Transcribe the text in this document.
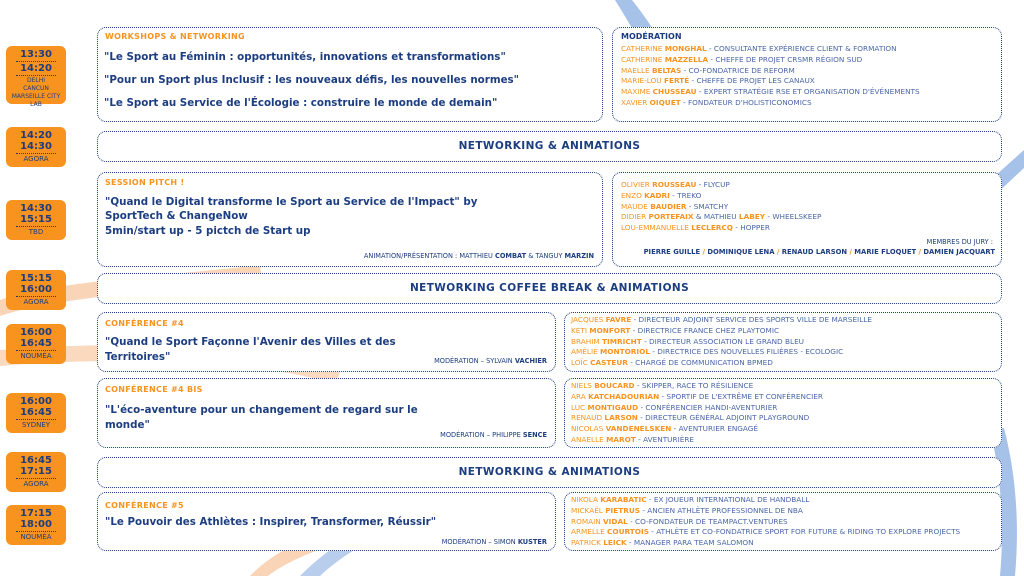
13:30
14:20
DELHI
CANCUN
MARSEILLE CITY LAB
14:20
14:30
AGORA
14:30
15:15
TBD
15:15
16:00
AGORA
16:00
16:45
NOUMÉA
16:00
16:45
SYDNEY
16:45
17:15
AGORA
17:15
18:00
NOUMÉA
WORKSHOPS & NETWORKING
"Le Sport au Féminin : opportunités, innovations et transformations"
"Pour un Sport plus Inclusif : les nouveaux défis, les nouvelles normes"
"Le Sport au Service de l'Écologie : construire le monde de demain"
MODÉRATION
CATHERINE MONGHAL - CONSULTANTE EXPÉRIENCE CLIENT & FORMATION
CATHERINE MAZZELLA - CHEFFE DE PROJET CRSMR RÉGION SUD
MAELLE BELTAS - CO-FONDATRICE DE REFORM
MARIE-LOU FERTÉ - CHEFFE DE PROJET LES CANAUX
MAXIME CHUSSEAU - EXPERT STRATÉGIE RSE ET ORGANISATION D'ÉVÉNEMENTS
XAVIER OIQUET - FONDATEUR D'HOLISTICONOMICS
NETWORKING & ANIMATIONS
SESSION PITCH !
"Quand le Digital transforme le Sport au Service de l'Impact" by
SportTech & ChangeNow
5min/start up - 5 pictch de Start up
ANIMATION/PRÉSENTATION : MATTHIEU COMBAT & TANGUY MARZIN
OLIVIER ROUSSEAU - FLYCUP
ENZO KADRI - TREKO
MAUDE BAUDIER - SMATCHY
DIDIER PORTEFAIX & MATHIEU LABEY - WHEELSKEEP
LOU-EMMANUELLE LECLERCQ - HOPPER
MEMBRES DU JURY :
PIERRE GUILLE / DOMINIQUE LENA / RENAUD LARSON / MARIE FLOQUET / DAMIEN JACQUART
NETWORKING COFFEE BREAK & ANIMATIONS
CONFÉRENCE #4
"Quand le Sport Façonne l'Avenir des Villes et des
Territoires"	MODÉRATION – SYLVAIN VACHIER
JACQUES FAVRE - DIRECTEUR ADJOINT SERVICE DES SPORTS VILLE DE MARSEILLE
KETI MONFORT - DIRECTRICE FRANCE CHEZ PLAYTOMIC
BRAHIM TIMRICHT - DIRECTEUR ASSOCIATION LE GRAND BLEU
AMÉLIE MONTORIOL - DIRECTRICE DES NOUVELLES FILIÈRES - ECOLOGIC
LOÏC CASTEUR - CHARGÉ DE COMMUNICATION BPMED
CONFÉRENCE #4 BIS
"L'éco-aventure pour un changement de regard sur le
monde"
MODÉRATION – PHILIPPE SENCE
NIELS BOUCARD - SKIPPER, RACE TO RÉSILIENCE
ARA KATCHADOURIAN - SPORTIF DE L'EXTRÊME ET CONFÉRENCIER
LUC MONTIGAUD - CONFÉRENCIER HANDI-AVENTURIER
RENAUD LARSON - DIRECTEUR GÉNÉRAL ADJOINT PLAYGROUND
NICOLAS VANDENELSKEN - AVENTURIER ENGAGÉ
ANAELLE MAROT - AVENTURIÈRE
NETWORKING & ANIMATIONS
CONFÉRENCE #5
"Le Pouvoir des Athlètes : Inspirer, Transformer, Réussir"
MODÉRATION – SIMON KUSTER
NIKOLA KARABATIC - EX JOUEUR INTERNATIONAL DE HANDBALL
MICKAËL PIETRUS - ANCIEN ATHLÈTE PROFESSIONNEL DE NBA
ROMAIN VIDAL - CO-FONDATEUR DE TEAMPACT.VENTURES
ARMELLE COURTOIS - ATHLÈTE ET CO-FONDATRICE SPORT FOR FUTURE & RIDING TO EXPLORE PROJECTS
PATRICK LEICK - MANAGER PARA TEAM SALOMON
